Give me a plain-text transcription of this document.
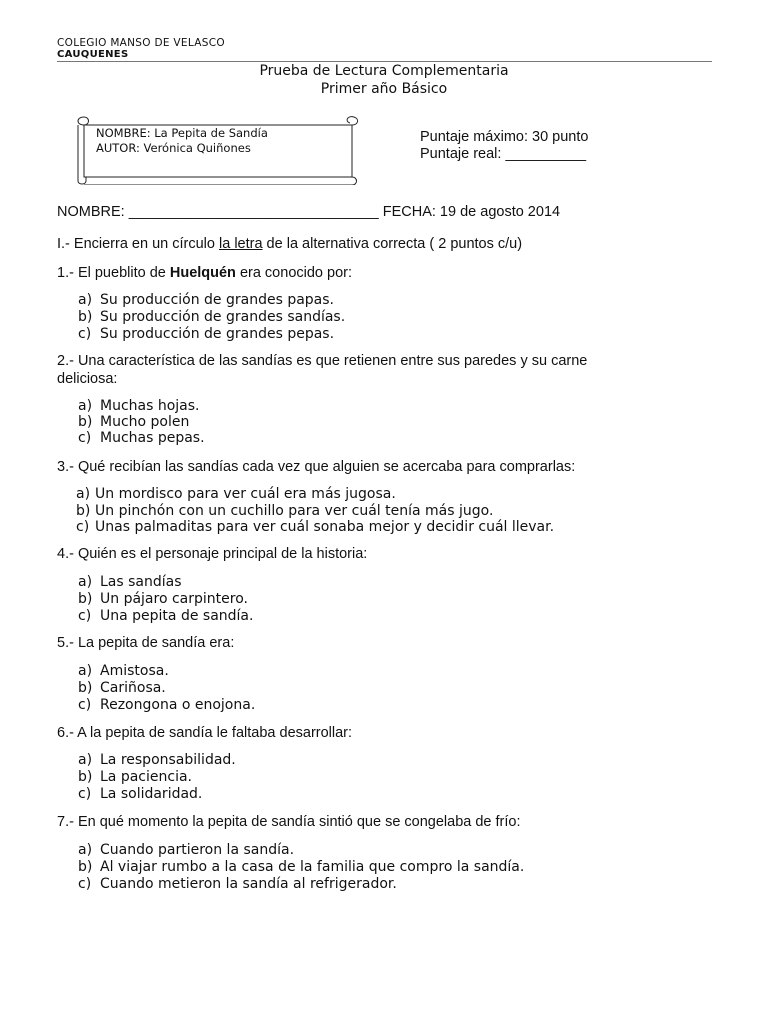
COLEGIO MANSO DE VELASCO
CAUQUENES
Prueba de Lectura Complementaria
Primer año Básico
NOMBRE: La Pepita de Sandía
AUTOR: Verónica Quiñones
Puntaje máximo: 30 punto
Puntaje real: __________
NOMBRE: _______________________________ FECHA: 19 de agosto 2014
I.- Encierra en un círculo la letra de la alternativa correcta ( 2 puntos c/u)
1.- El pueblito de Huelquén era conocido por:
a) Su producción de grandes papas.
b) Su producción de grandes sandías.
c) Su producción de grandes pepas.
2.- Una característica de las sandías es que retienen entre sus paredes y su carne
deliciosa:
a) Muchas hojas.
b) Mucho polen
c) Muchas pepas.
3.- Qué recibían las sandías cada vez que alguien se acercaba para comprarlas:
a) Un mordisco para ver cuál era más jugosa.
b) Un pinchón con un cuchillo para ver cuál tenía más jugo.
c) Unas palmaditas para ver cuál sonaba mejor y decidir cuál llevar.
4.- Quién es el personaje principal de la historia:
a) Las sandías
b) Un pájaro carpintero.
c) Una pepita de sandía.
5.- La pepita de sandía era:
a) Amistosa.
b) Cariñosa.
c) Rezongona o enojona.
6.- A la pepita de sandía le faltaba desarrollar:
a) La responsabilidad.
b) La paciencia.
c) La solidaridad.
7.- En qué momento la pepita de sandía sintió que se congelaba de frío:
a) Cuando partieron la sandía.
b) Al viajar rumbo a la casa de la familia que compro la sandía.
c) Cuando metieron la sandía al refrigerador.
